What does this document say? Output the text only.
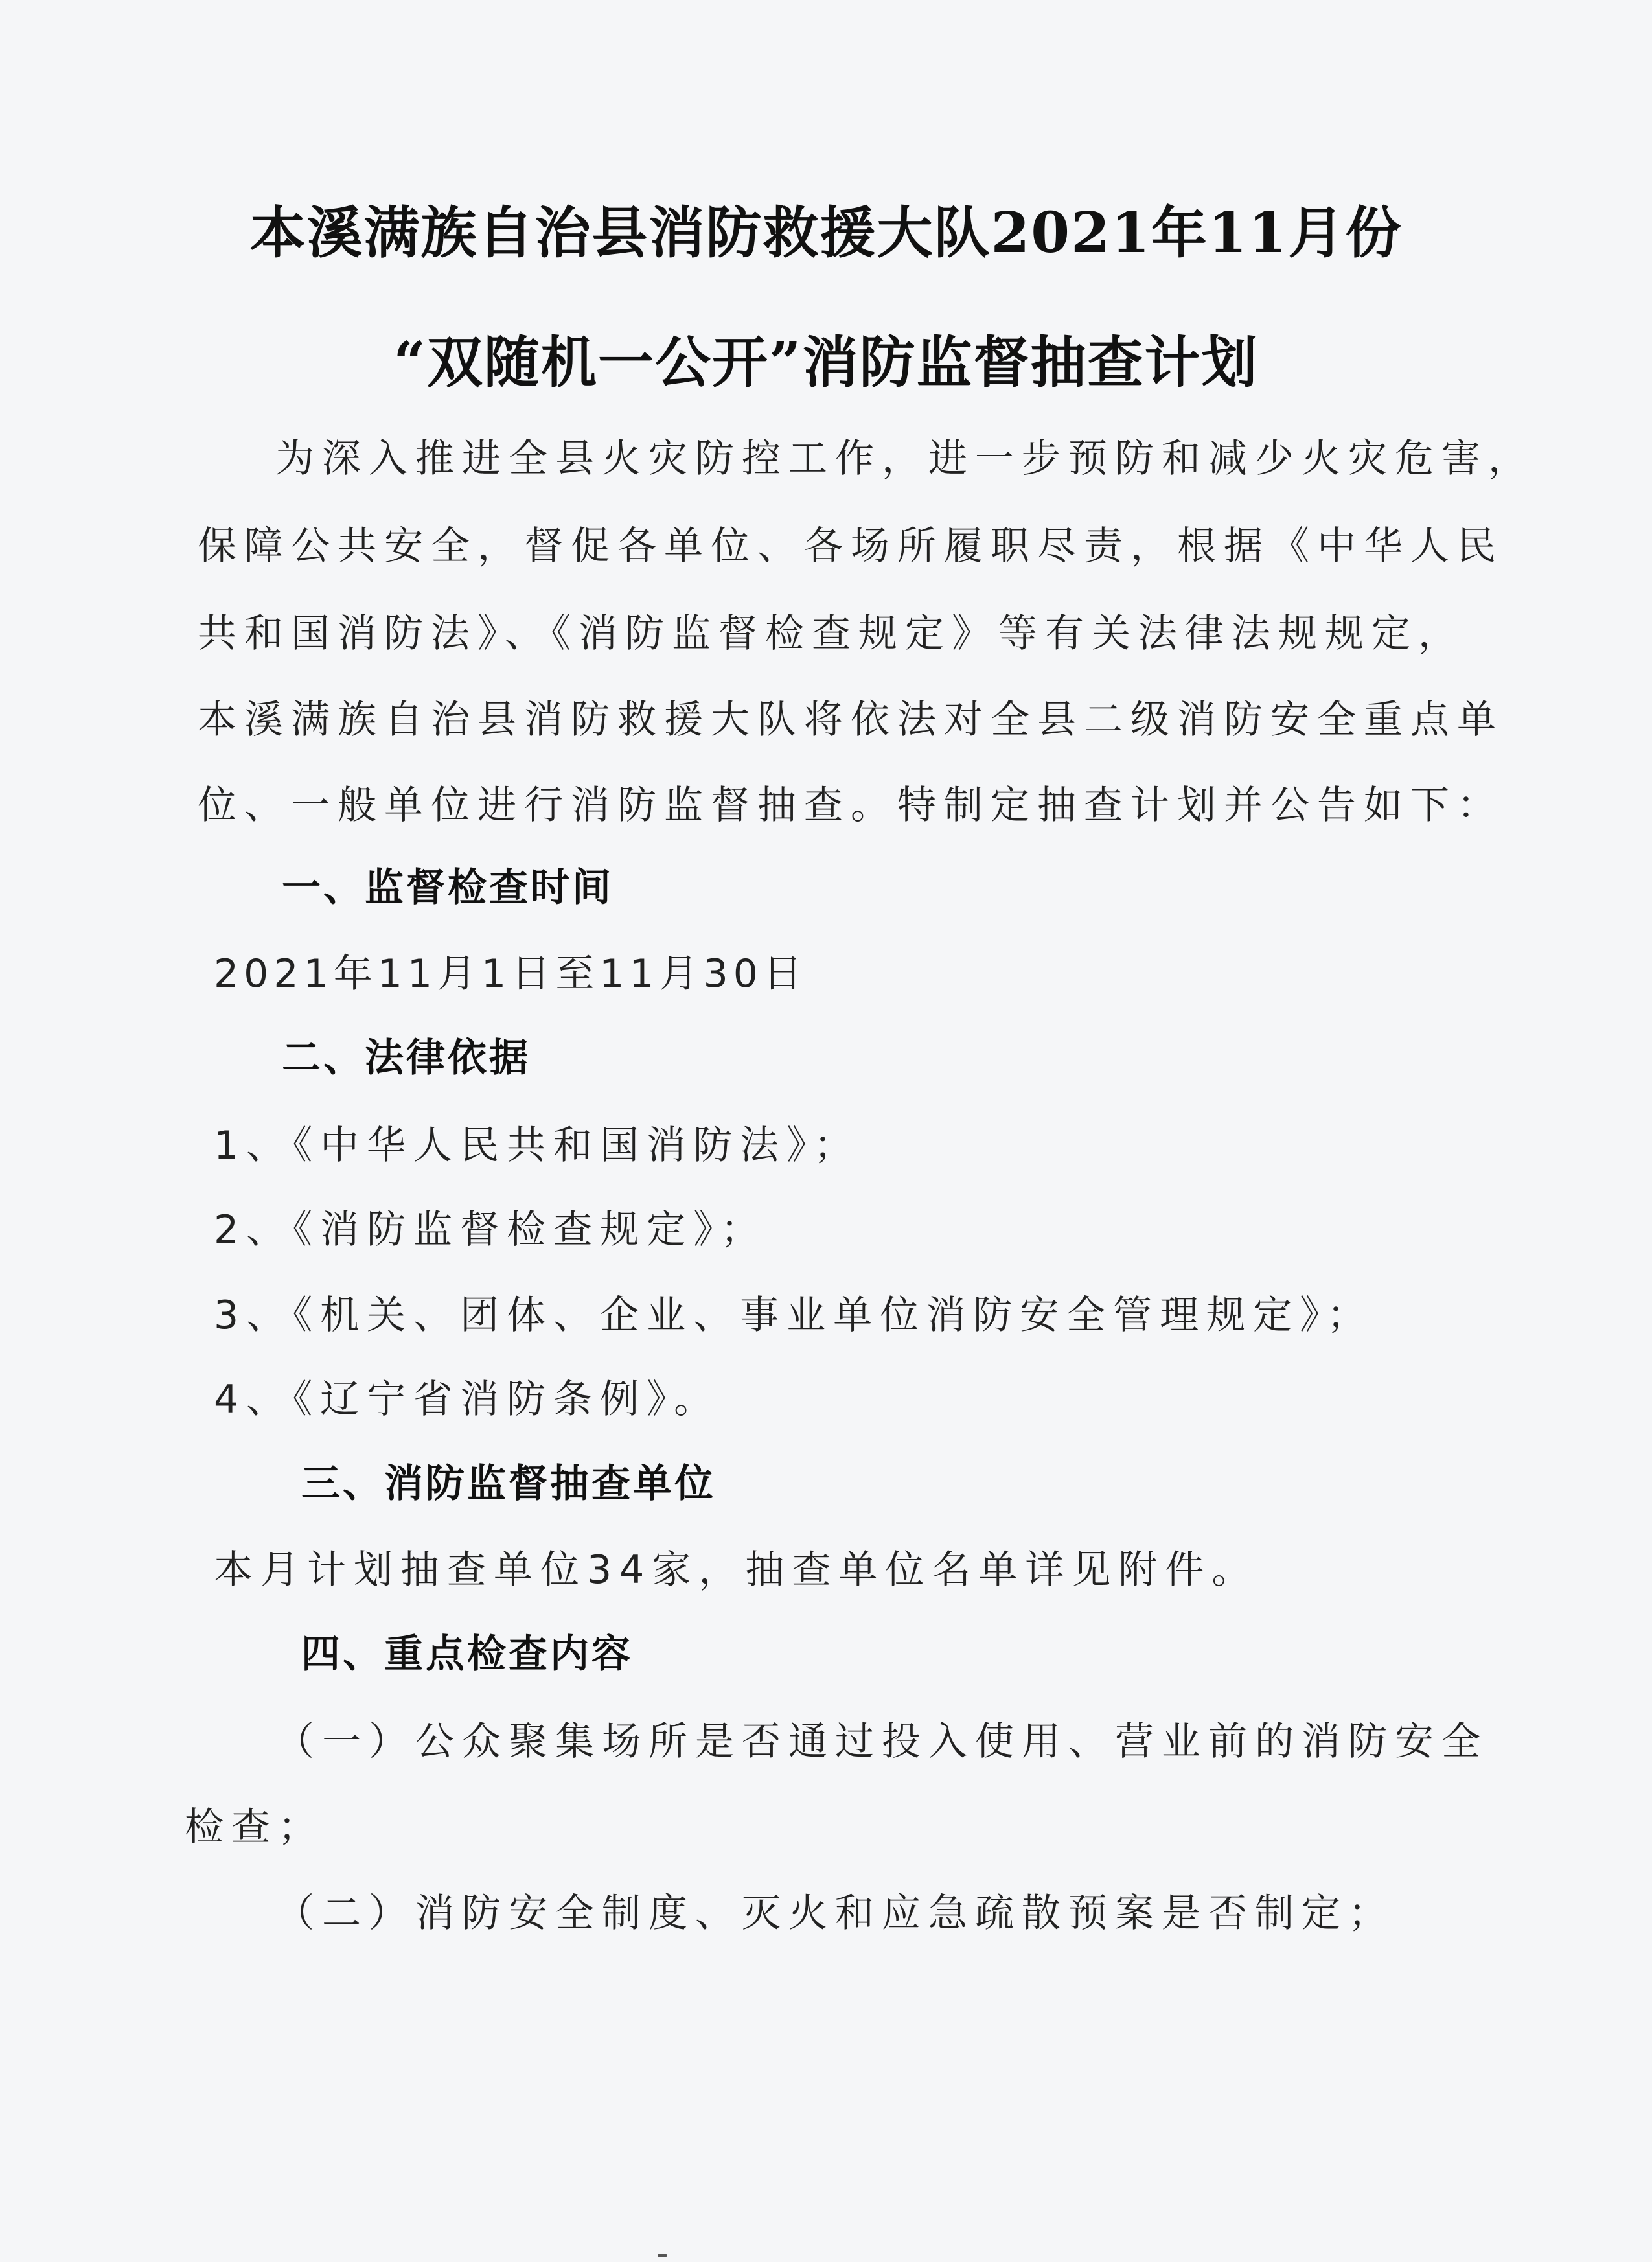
本溪满族自治县消防救援大队2021年11月份
“双随机一公开”消防监督抽查计划
为深入推进全县火灾防控工作，进一步预防和减少火灾危害，
保障公共安全，督促各单位、各场所履职尽责，根据《中华人民
共和国消防法》、《消防监督检查规定》等有关法律法规规定，
本溪满族自治县消防救援大队将依法对全县二级消防安全重点单
位、一般单位进行消防监督抽查。特制定抽查计划并公告如下：
一、监督检查时间
2021年11月1日至11月30日
二、法律依据
1、《中华人民共和国消防法》；
2、《消防监督检查规定》；
3、《机关、团体、企业、事业单位消防安全管理规定》；
4、《辽宁省消防条例》。
三、消防监督抽查单位
本月计划抽查单位34家，抽查单位名单详见附件。
四、重点检查内容
（一）公众聚集场所是否通过投入使用、营业前的消防安全
检查；
（二）消防安全制度、灭火和应急疏散预案是否制定；
